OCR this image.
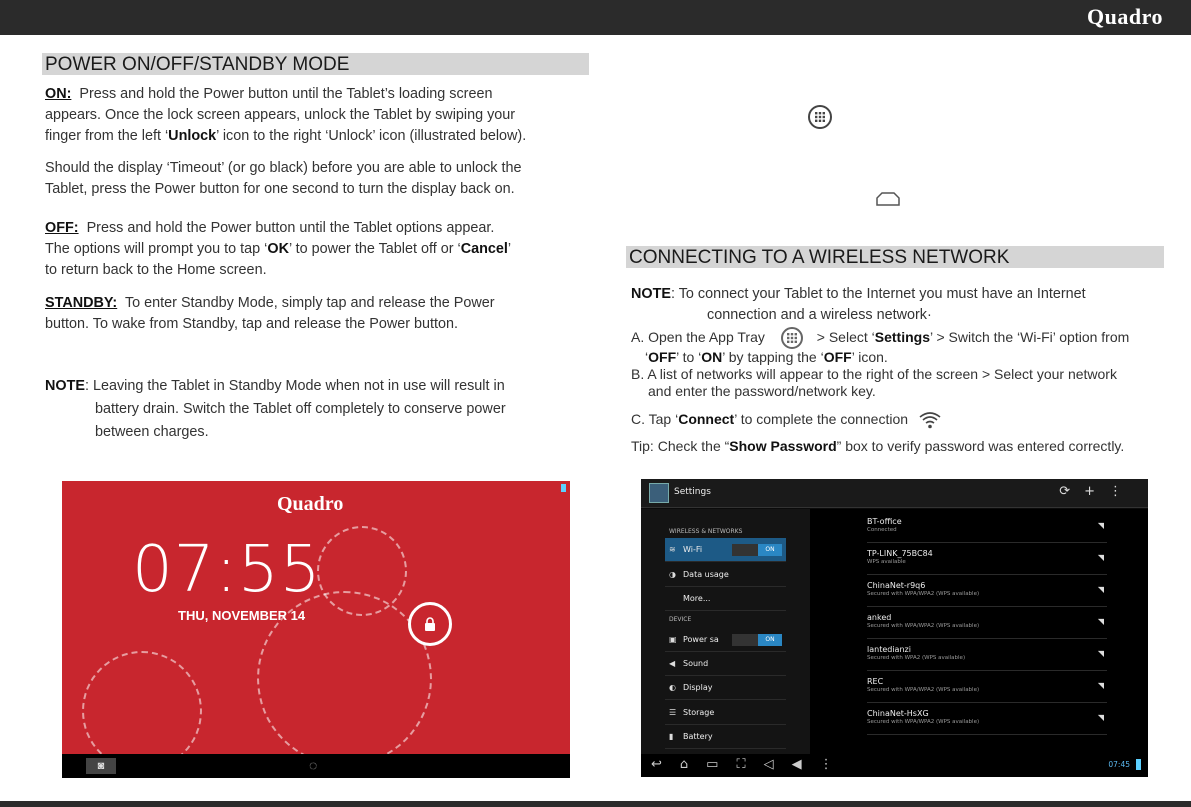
Quadro
POWER ON/OFF/STANDBY MODE
ON: Press and hold the Power button until the Tablet’s loading screen
appears. Once the lock screen appears, unlock the Tablet by swiping your
finger from the left ‘Unlock’ icon to the right ‘Unlock’ icon (illustrated below).
Should the display ‘Timeout’ (or go black) before you are able to unlock the
Tablet, press the Power button for one second to turn the display back on.
OFF: Press and hold the Power button until the Tablet options appear.
The options will prompt you to tap ‘OK’ to power the Tablet off or ‘Cancel’
to return back to the Home screen.
STANDBY: To enter Standby Mode, simply tap and release the Power
button. To wake from Standby, tap and release the Power button.
NOTE: Leaving the Tablet in Standby Mode when not in use will result in
battery drain. Switch the Tablet off completely to conserve power
between charges.
Quadro
07:55
THU, NOVEMBER 14
◙	◌
CONNECTING TO A WIRELESS NETWORK
NOTE: To connect your Tablet to the Internet you must have an Internet
connection and a wireless network·
A. Open the App Tray	> Select ‘Settings’ > Switch the ‘Wi-Fi’ option from
‘OFF’ to ‘ON’ by tapping the ‘OFF’ icon.
B. A list of networks will appear to the right of the screen > Select your network
and enter the password/network key.
C. Tap ‘Connect’ to complete the connection
Tip: Check the “Show Password” box to verify password was entered correctly.
Settings	⟳+⋮
WIRELESS & NETWORKS
≋ Wi-Fi	ON
◑ Data usage
More...
DEVICE
▣ Power sa	ON
◀ Sound
◐ Display
☰ Storage
▮ Battery
BT-office
Connected	◥
TP-LINK_75BC84
WPS available	◥
ChinaNet-r9q6
Secured with WPA/WPA2 (WPS available)	◥
anked
Secured with WPA/WPA2 (WPS available)	◥
lantedianzi
Secured with WPA2 (WPS available)	◥
REC
Secured with WPA/WPA2 (WPS available)	◥
ChinaNet-HsXG
Secured with WPA/WPA2 (WPS available)	◥
↩⌂▭⛶◁◀⋮	07:45
